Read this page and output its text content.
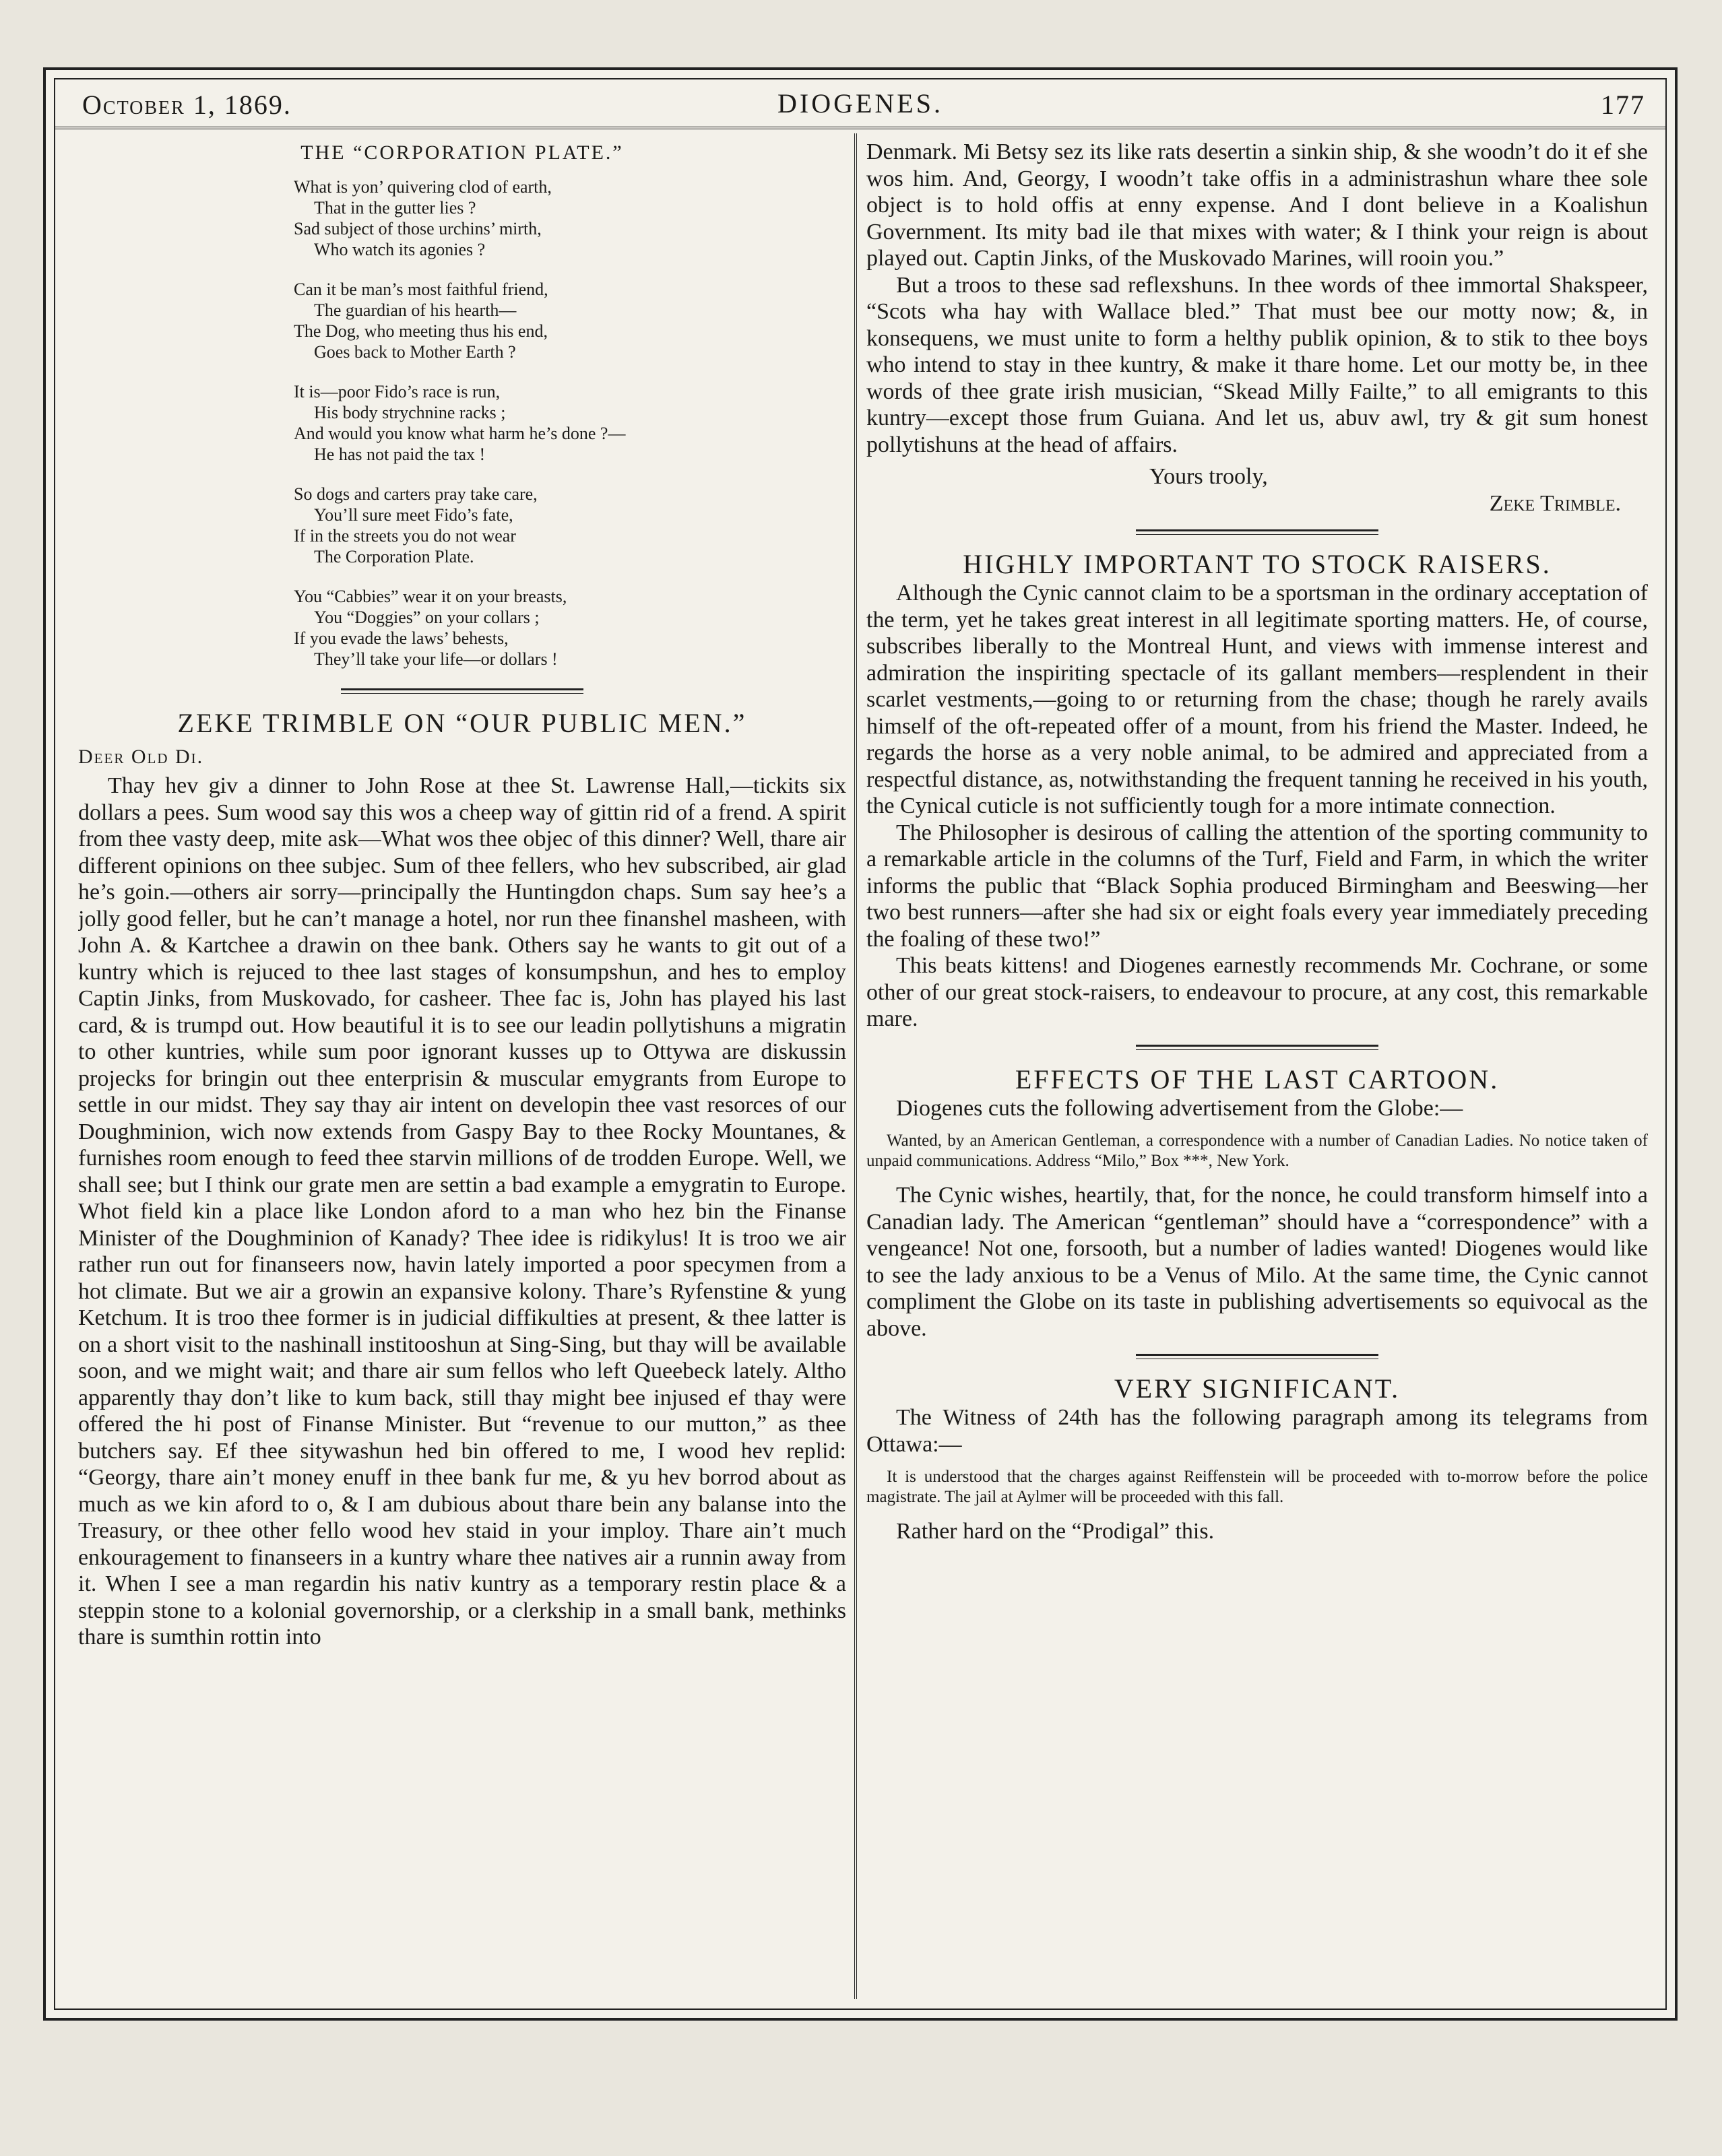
October 1, 1869.	DIOGENES.	177
THE “CORPORATION PLATE.”
What is yon’ quivering clod of earth,
That in the gutter lies ?
Sad subject of those urchins’ mirth,
Who watch its agonies ?
Can it be man’s most faithful friend,
The guardian of his hearth—
The Dog, who meeting thus his end,
Goes back to Mother Earth ?
It is—poor Fido’s race is run,
His body strychnine racks ;
And would you know what harm he’s done ?—
He has not paid the tax !
So dogs and carters pray take care,
You’ll sure meet Fido’s fate,
If in the streets you do not wear
The Corporation Plate.
You “Cabbies” wear it on your breasts,
You “Doggies” on your collars ;
If you evade the laws’ behests,
They’ll take your life—or dollars !
ZEKE TRIMBLE ON “OUR PUBLIC MEN.”
Deer Old Di.

Thay hev giv a dinner to John Rose at thee St. Lawrense Hall,—tickits six dollars a pees. Sum wood say this wos a cheep way of gittin rid of a frend. A spirit from thee vasty deep, mite ask—What wos thee objec of this dinner? Well, thare air different opinions on thee subjec. Sum of thee fellers, who hev subscribed, air glad he’s goin.—others air sorry—principally the Huntingdon chaps. Sum say hee’s a jolly good feller, but he can’t manage a hotel, nor run thee finanshel masheen, with John A. & Kartchee a drawin on thee bank. Others say he wants to git out of a kuntry which is rejuced to thee last stages of konsumpshun, and hes to employ Captin Jinks, from Muskovado, for casheer. Thee fac is, John has played his last card, & is trumpd out. How beautiful it is to see our leadin pollytishuns a migratin to other kuntries, while sum poor ignorant kusses up to Ottywa are diskussin projecks for bringin out thee enterprisin & muscular emygrants from Europe to settle in our midst. They say thay air intent on developin thee vast resorces of our Doughminion, wich now extends from Gaspy Bay to thee Rocky Mountanes, & furnishes room enough to feed thee starvin millions of de trodden Europe. Well, we shall see; but I think our grate men are settin a bad example a emygratin to Europe. Whot field kin a place like London aford to a man who hez bin the Finanse Minister of the Doughminion of Kanady? Thee idee is ridikylus! It is troo we air rather run out for finanseers now, havin lately imported a poor specymen from a hot climate. But we air a growin an expansive kolony. Thare’s Ryfenstine & yung Ketchum. It is troo thee former is in judicial diffikulties at present, & thee latter is on a short visit to the nashinall institooshun at Sing-Sing, but thay will be available soon, and we might wait; and thare air sum fellos who left Queebeck lately. Altho apparently thay don’t like to kum back, still thay might bee injused ef thay were offered the hi post of Finanse Minister. But “revenue to our mutton,” as thee butchers say. Ef thee sitywashun hed bin offered to me, I wood hev replid: “Georgy, thare ain’t money enuff in thee bank fur me, & yu hev borrod about as much as we kin aford to o, & I am dubious about thare bein any balanse into the Treasury, or thee other fello wood hev staid in your imploy. Thare ain’t much enkouragement to finanseers in a kuntry whare thee natives air a runnin away from it. When I see a man regardin his nativ kuntry as a temporary restin place & a steppin stone to a kolonial governorship, or a clerkship in a small bank, methinks thare is sumthin rottin into

Denmark. Mi Betsy sez its like rats desertin a sinkin ship, & she woodn’t do it ef she wos him. And, Georgy, I woodn’t take offis in a administrashun whare thee sole object is to hold offis at enny expense. And I dont believe in a Koalishun Government. Its mity bad ile that mixes with water; & I think your reign is about played out. Captin Jinks, of the Muskovado Marines, will rooin you.”

But a troos to these sad reflexshuns. In thee words of thee immortal Shakspeer, “Scots wha hay with Wallace bled.” That must bee our motty now; &, in konsequens, we must unite to form a helthy publik opinion, & to stik to thee boys who intend to stay in thee kuntry, & make it thare home. Let our motty be, in thee words of thee grate irish musician, “Skead Milly Failte,” to all emigrants to this kuntry—except those frum Guiana. And let us, abuv awl, try & git sum honest pollytishuns at the head of affairs.

Yours trooly,
Zeke Trimble.
HIGHLY IMPORTANT TO STOCK RAISERS.

Although the Cynic cannot claim to be a sportsman in the ordinary acceptation of the term, yet he takes great interest in all legitimate sporting matters. He, of course, subscribes liberally to the Montreal Hunt, and views with immense interest and admiration the inspiriting spectacle of its gallant members—resplendent in their scarlet vestments,—going to or returning from the chase; though he rarely avails himself of the oft-repeated offer of a mount, from his friend the Master. Indeed, he regards the horse as a very noble animal, to be admired and appreciated from a respectful distance, as, notwithstanding the frequent tanning he received in his youth, the Cynical cuticle is not sufficiently tough for a more intimate connection.

The Philosopher is desirous of calling the attention of the sporting community to a remarkable article in the columns of the Turf, Field and Farm, in which the writer informs the public that “Black Sophia produced Birmingham and Beeswing—her two best runners—after she had six or eight foals every year immediately preceding the foaling of these two!”

This beats kittens! and Diogenes earnestly recommends Mr. Cochrane, or some other of our great stock-raisers, to endeavour to procure, at any cost, this remarkable mare.

EFFECTS OF THE LAST CARTOON.

Diogenes cuts the following advertisement from the Globe:—

Wanted, by an American Gentleman, a correspondence with a number of Canadian Ladies. No notice taken of unpaid communications. Address “Milo,” Box ***, New York.

The Cynic wishes, heartily, that, for the nonce, he could transform himself into a Canadian lady. The American “gentleman” should have a “correspondence” with a vengeance! Not one, forsooth, but a number of ladies wanted! Diogenes would like to see the lady anxious to be a Venus of Milo. At the same time, the Cynic cannot compliment the Globe on its taste in publishing advertisements so equivocal as the above.

VERY SIGNIFICANT.

The Witness of 24th has the following paragraph among its telegrams from Ottawa:—

It is understood that the charges against Reiffenstein will be proceeded with to-morrow before the police magistrate. The jail at Aylmer will be proceeded with this fall.

Rather hard on the “Prodigal” this.
